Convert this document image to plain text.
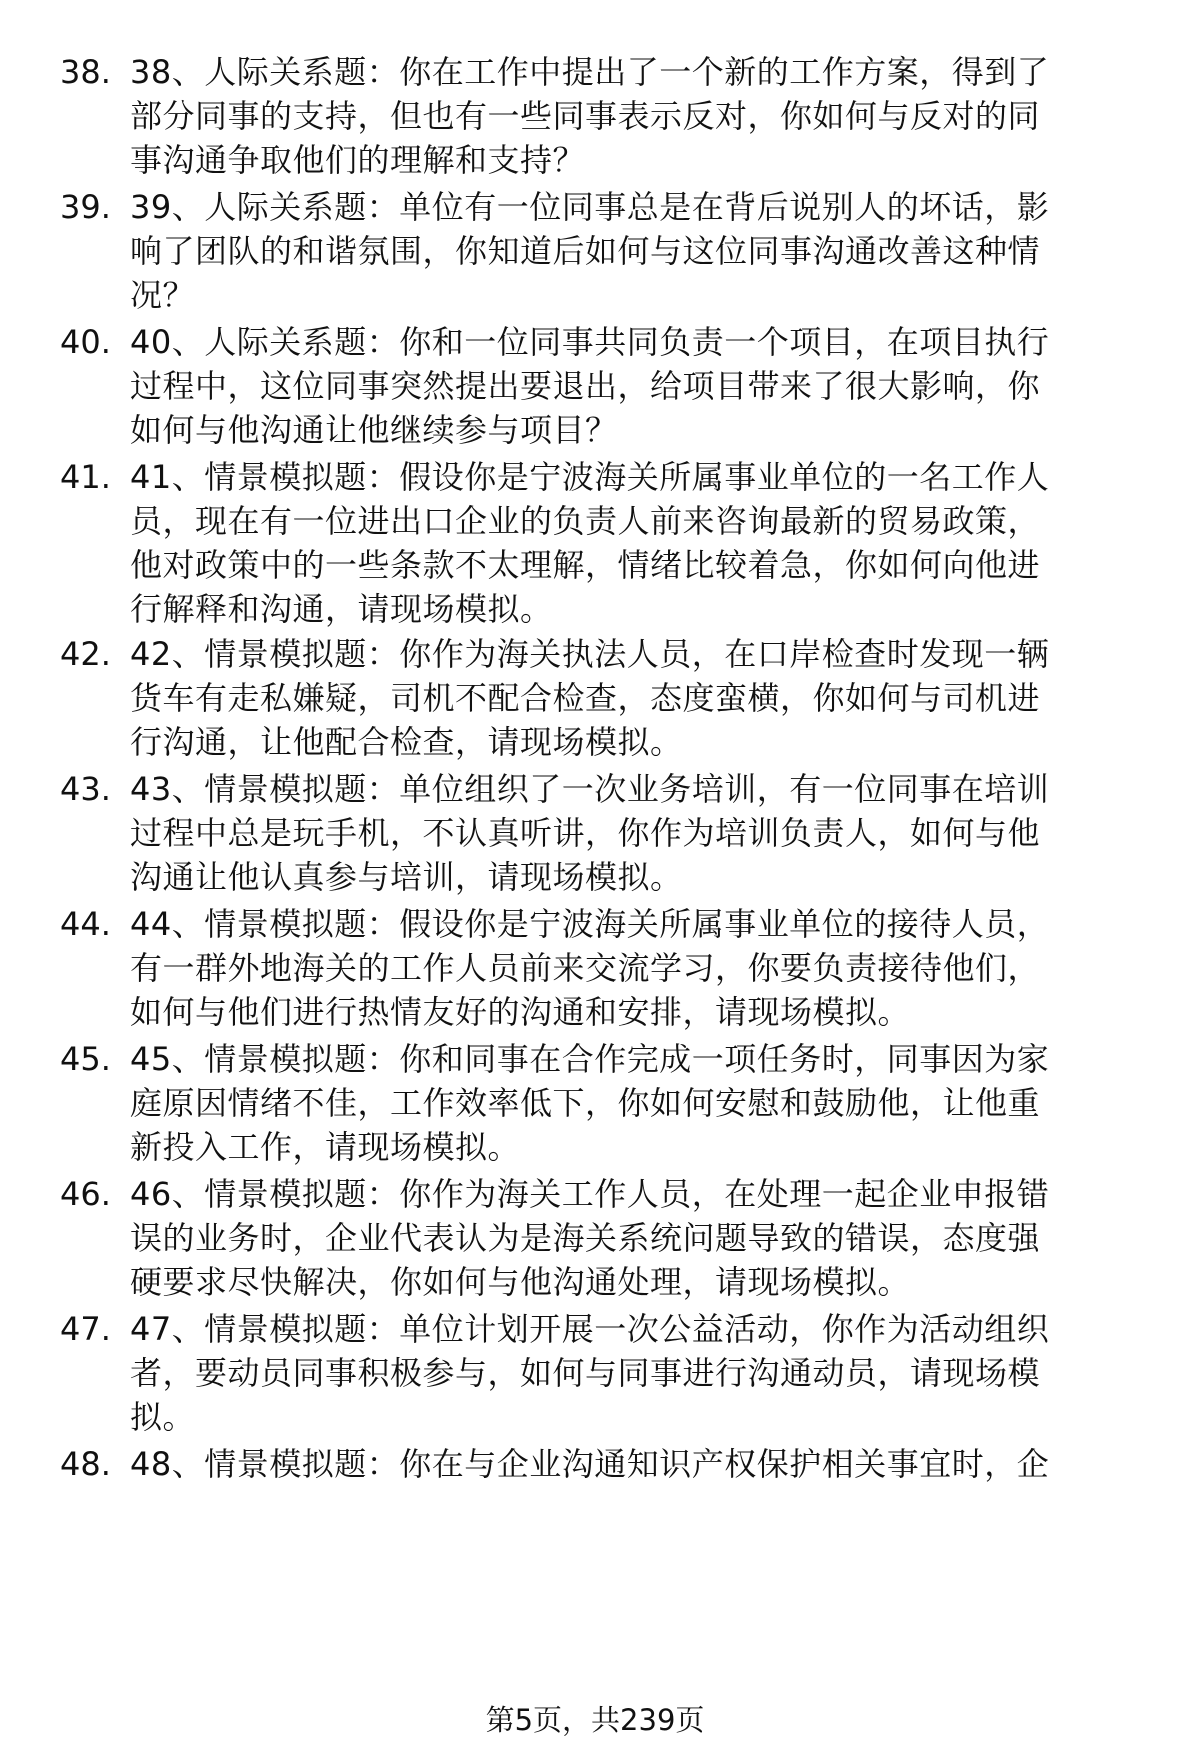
38. 38、人际关系题：你在工作中提出了一个新的工作方案，得到了
部分同事的支持，但也有一些同事表示反对，你如何与反对的同
事沟通争取他们的理解和支持？
39. 39、人际关系题：单位有一位同事总是在背后说别人的坏话，影
响了团队的和谐氛围，你知道后如何与这位同事沟通改善这种情
况？
40. 40、人际关系题：你和一位同事共同负责一个项目，在项目执行
过程中，这位同事突然提出要退出，给项目带来了很大影响，你
如何与他沟通让他继续参与项目？
41. 41、情景模拟题：假设你是宁波海关所属事业单位的一名工作人
员，现在有一位进出口企业的负责人前来咨询最新的贸易政策，
他对政策中的一些条款不太理解，情绪比较着急，你如何向他进
行解释和沟通，请现场模拟。
42. 42、情景模拟题：你作为海关执法人员，在口岸检查时发现一辆
货车有走私嫌疑，司机不配合检查，态度蛮横，你如何与司机进
行沟通，让他配合检查，请现场模拟。
43. 43、情景模拟题：单位组织了一次业务培训，有一位同事在培训
过程中总是玩手机，不认真听讲，你作为培训负责人，如何与他
沟通让他认真参与培训，请现场模拟。
44. 44、情景模拟题：假设你是宁波海关所属事业单位的接待人员，
有一群外地海关的工作人员前来交流学习，你要负责接待他们，
如何与他们进行热情友好的沟通和安排，请现场模拟。
45. 45、情景模拟题：你和同事在合作完成一项任务时，同事因为家
庭原因情绪不佳，工作效率低下，你如何安慰和鼓励他，让他重
新投入工作，请现场模拟。
46. 46、情景模拟题：你作为海关工作人员，在处理一起企业申报错
误的业务时，企业代表认为是海关系统问题导致的错误，态度强
硬要求尽快解决，你如何与他沟通处理，请现场模拟。
47. 47、情景模拟题：单位计划开展一次公益活动，你作为活动组织
者，要动员同事积极参与，如何与同事进行沟通动员，请现场模
拟。
48. 48、情景模拟题：你在与企业沟通知识产权保护相关事宜时，企
第5页，共239页
